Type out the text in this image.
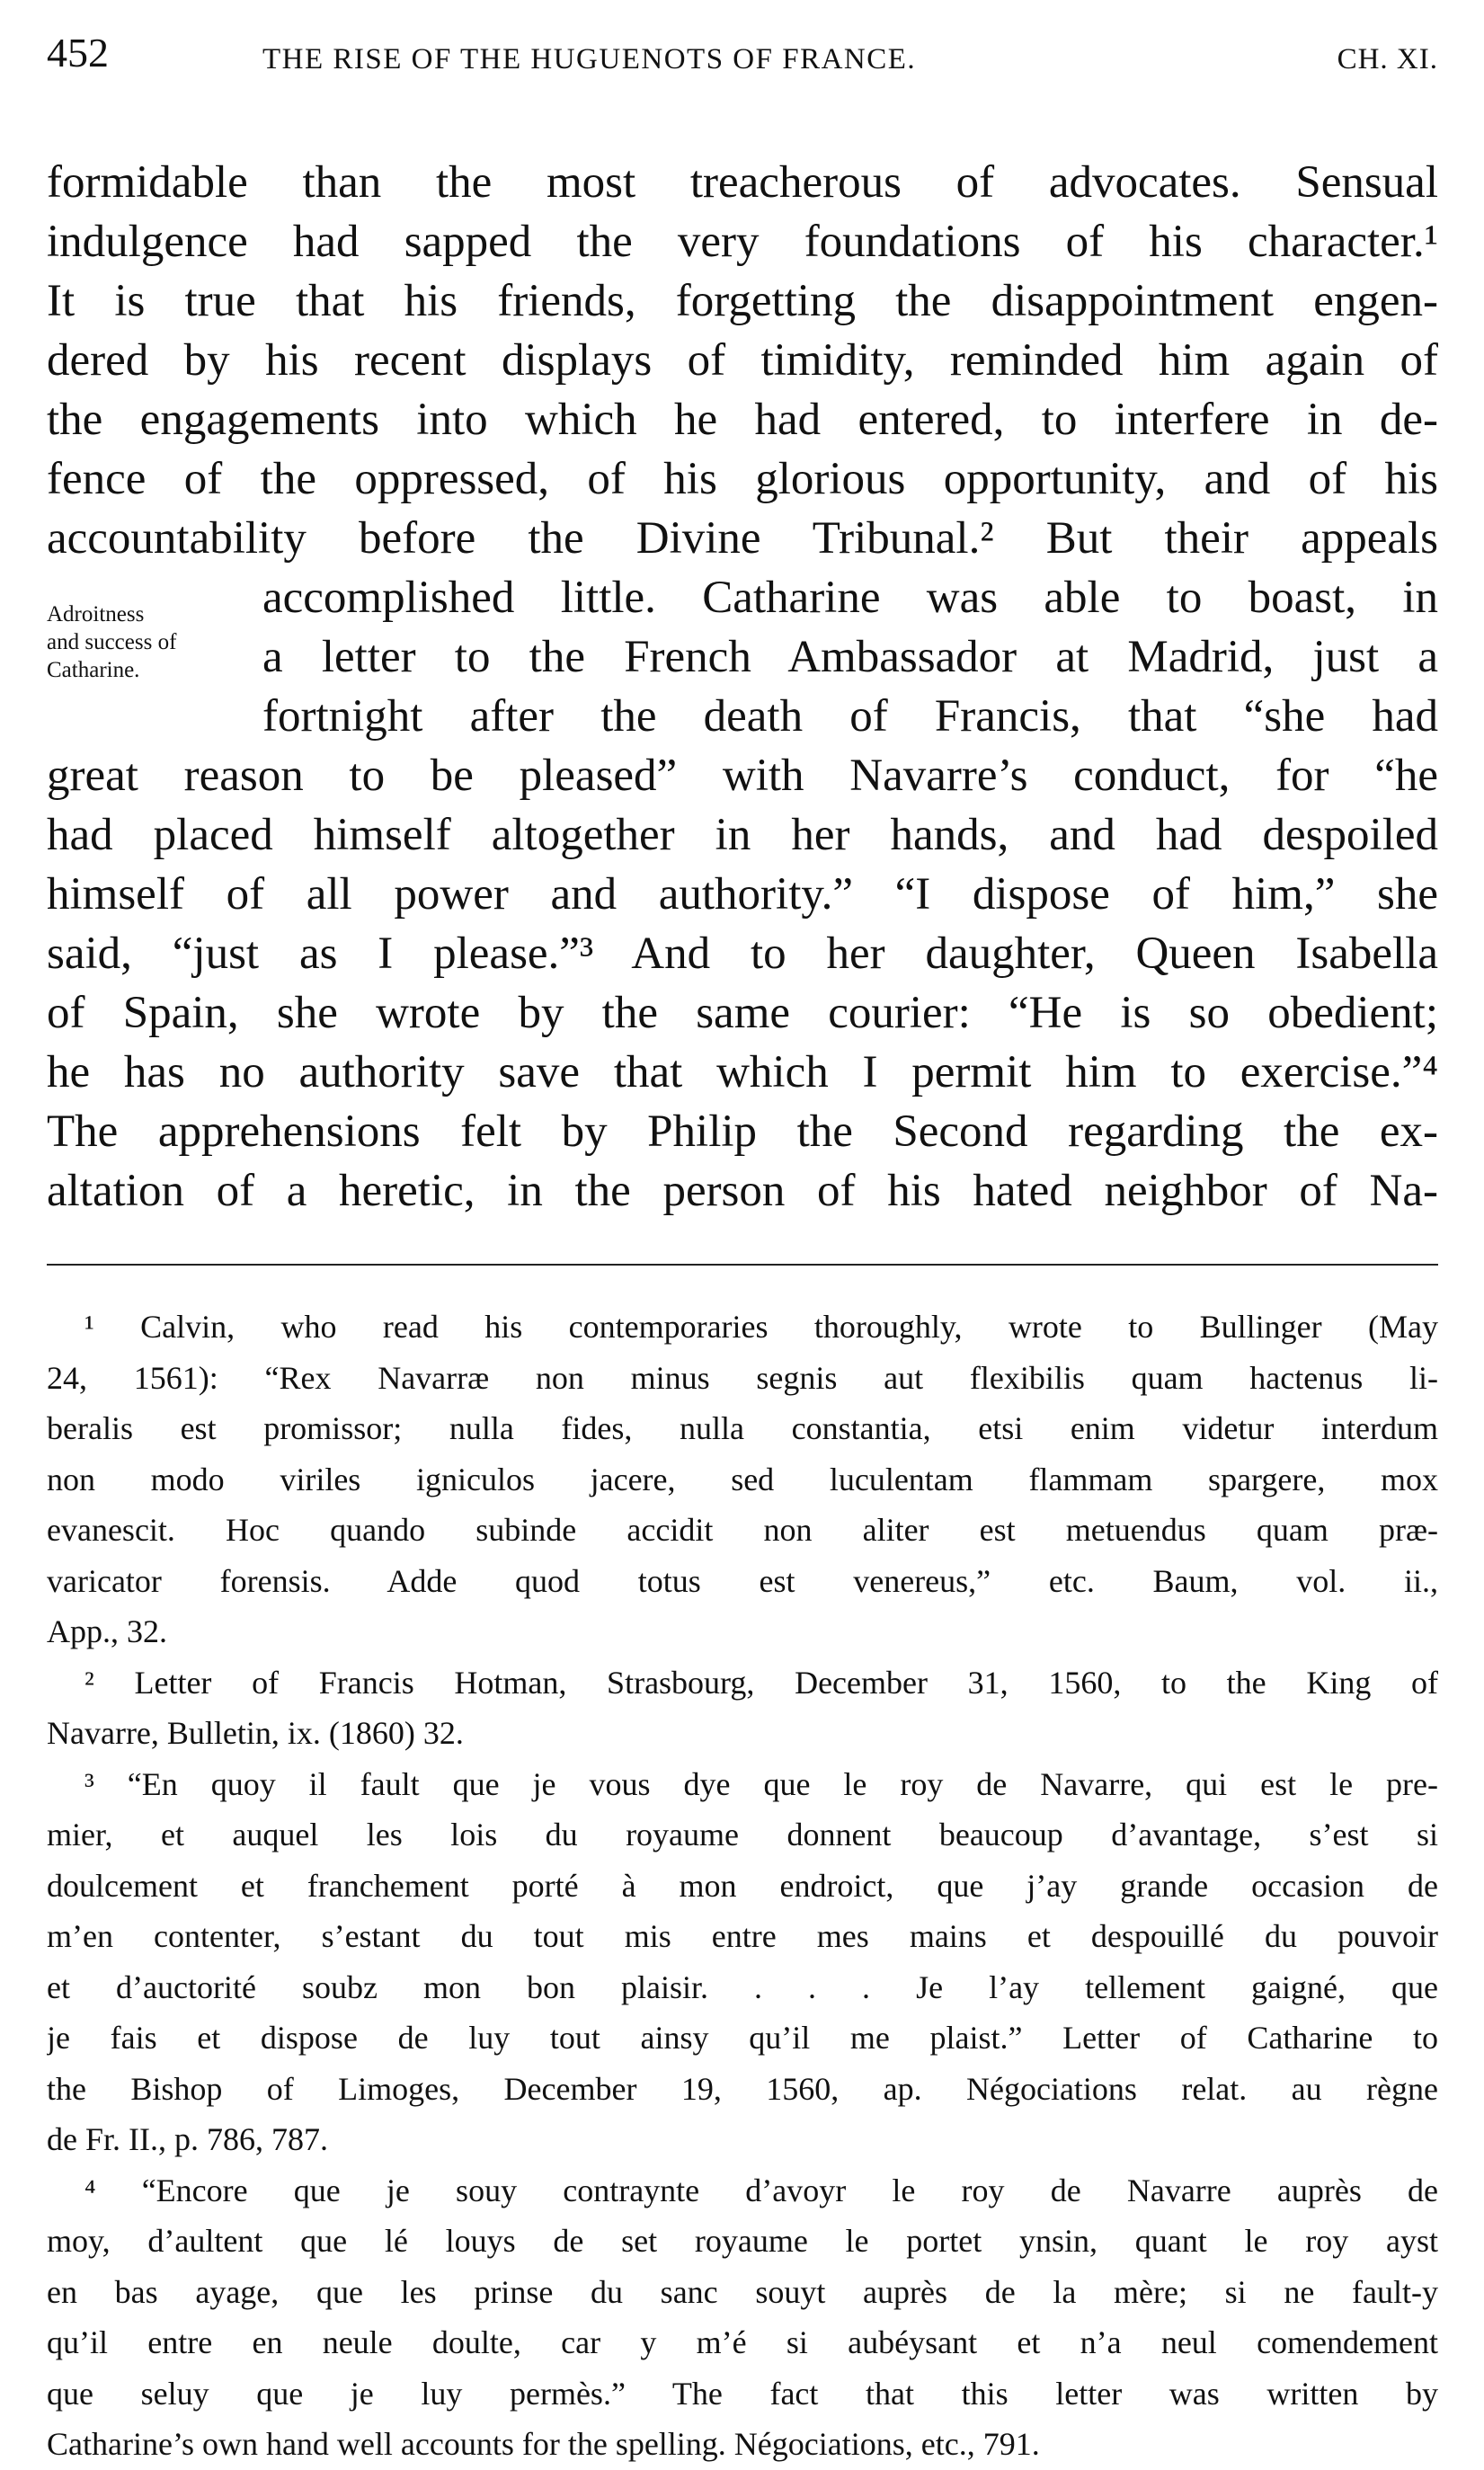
452	THE RISE OF THE HUGUENOTS OF FRANCE.	CH. XI.
formidable than the most treacherous of advocates. Sensual
indulgence had sapped the very foundations of his character.¹
It is true that his friends, forgetting the disappointment engen-
dered by his recent displays of timidity, reminded him again of
the engagements into which he had entered, to interfere in de-
fence of the oppressed, of his glorious opportunity, and of his
accountability before the Divine Tribunal.² But their appeals
accomplished little. Catharine was able to boast, in
a letter to the French Ambassador at Madrid, just a
fortnight after the death of Francis, that “she had
great reason to be pleased” with Navarre’s conduct, for “he
had placed himself altogether in her hands, and had despoiled
himself of all power and authority.” “I dispose of him,” she
said, “just as I please.”³ And to her daughter, Queen Isabella
of Spain, she wrote by the same courier: “He is so obedient;
he has no authority save that which I permit him to exercise.”⁴
The apprehensions felt by Philip the Second regarding the ex-
altation of a heretic, in the person of his hated neighbor of Na-
Adroitness
and success of
Catharine.
¹ Calvin, who read his contemporaries thoroughly, wrote to Bullinger (May
24, 1561): “Rex Navarræ non minus segnis aut flexibilis quam hactenus li-
beralis est promissor; nulla fides, nulla constantia, etsi enim videtur interdum
non modo viriles igniculos jacere, sed luculentam flammam spargere, mox
evanescit. Hoc quando subinde accidit non aliter est metuendus quam præ-
varicator forensis. Adde quod totus est venereus,” etc. Baum, vol. ii.,
App., 32.
² Letter of Francis Hotman, Strasbourg, December 31, 1560, to the King of
Navarre, Bulletin, ix. (1860) 32.
³ “En quoy il fault que je vous dye que le roy de Navarre, qui est le pre-
mier, et auquel les lois du royaume donnent beaucoup d’avantage, s’est si
doulcement et franchement porté à mon endroict, que j’ay grande occasion de
m’en contenter, s’estant du tout mis entre mes mains et despouillé du pouvoir
et d’auctorité soubz mon bon plaisir. . . . Je l’ay tellement gaigné, que
je fais et dispose de luy tout ainsy qu’il me plaist.” Letter of Catharine to
the Bishop of Limoges, December 19, 1560, ap. Négociations relat. au règne
de Fr. II., p. 786, 787.
⁴ “Encore que je souy contraynte d’avoyr le roy de Navarre auprès de
moy, d’aultent que lé louys de set royaume le portet ynsin, quant le roy ayst
en bas ayage, que les prinse du sanc souyt auprès de la mère; si ne fault-y
qu’il entre en neule doulte, car y m’é si aubéysant et n’a neul comendement
que seluy que je luy permès.” The fact that this letter was written by
Catharine’s own hand well accounts for the spelling. Négociations, etc., 791.
